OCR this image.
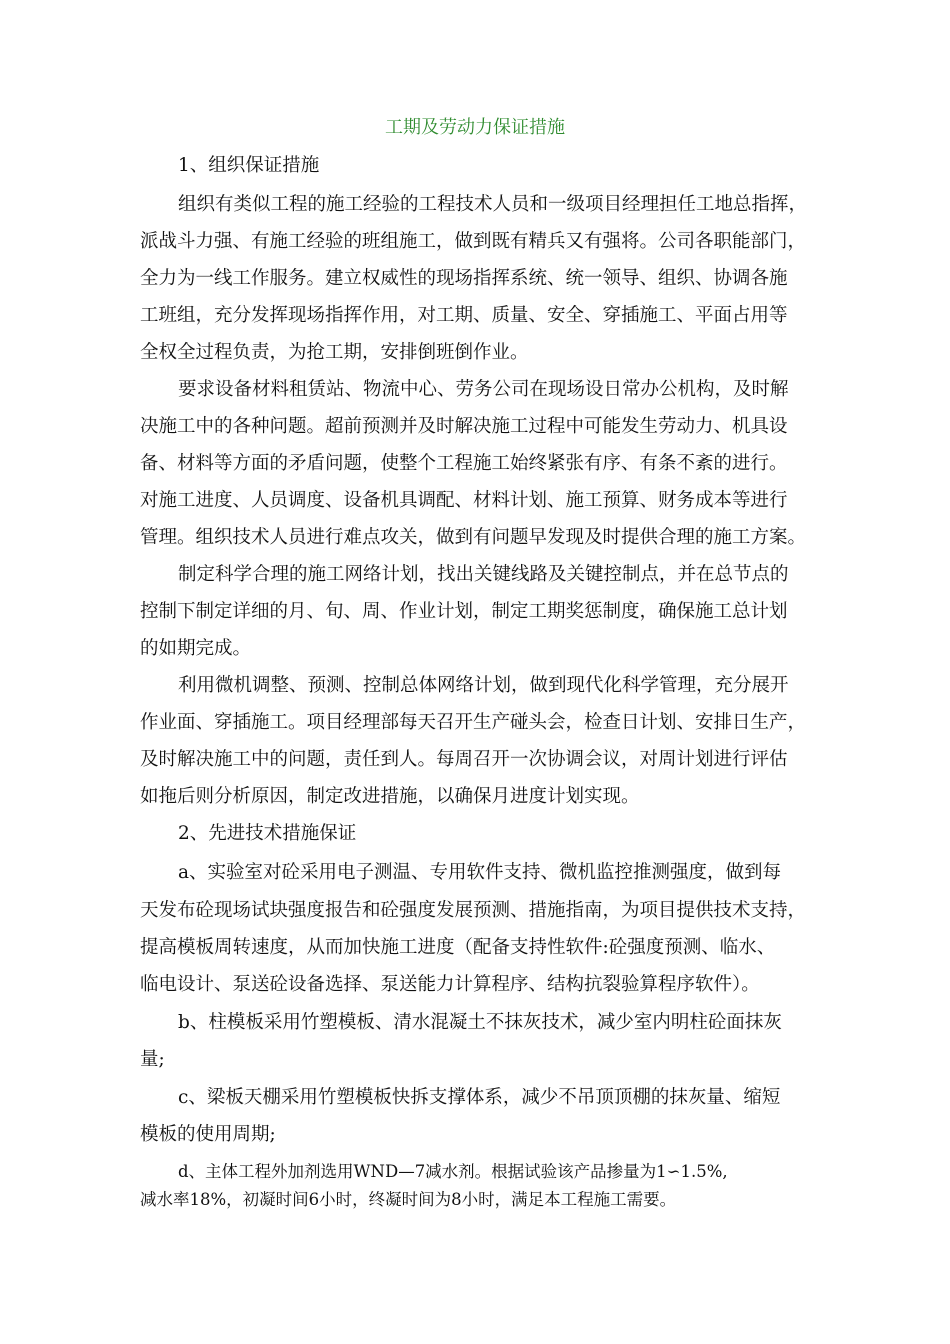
工期及劳动力保证措施
1、组织保证措施
组织有类似工程的施工经验的工程技术人员和一级项目经理担任工地总指挥，
派战斗力强、有施工经验的班组施工，做到既有精兵又有强将。公司各职能部门，
全力为一线工作服务。建立权威性的现场指挥系统、统一领导、组织、协调各施
工班组，充分发挥现场指挥作用，对工期、质量、安全、穿插施工、平面占用等
全权全过程负责，为抢工期，安排倒班倒作业。
要求设备材料租赁站、物流中心、劳务公司在现场设日常办公机构，及时解
决施工中的各种问题。超前预测并及时解决施工过程中可能发生劳动力、机具设
备、材料等方面的矛盾问题，使整个工程施工始终紧张有序、有条不紊的进行。
对施工进度、人员调度、设备机具调配、材料计划、施工预算、财务成本等进行
管理。组织技术人员进行难点攻关，做到有问题早发现及时提供合理的施工方案。
制定科学合理的施工网络计划，找出关键线路及关键控制点，并在总节点的
控制下制定详细的月、旬、周、作业计划，制定工期奖惩制度，确保施工总计划
的如期完成。
利用微机调整、预测、控制总体网络计划，做到现代化科学管理，充分展开
作业面、穿插施工。项目经理部每天召开生产碰头会，检查日计划、安排日生产，
及时解决施工中的问题，责任到人。每周召开一次协调会议，对周计划进行评估
如拖后则分析原因，制定改进措施，以确保月进度计划实现。
2、先进技术措施保证
a、实验室对砼采用电子测温、专用软件支持、微机监控推测强度，做到每
天发布砼现场试块强度报告和砼强度发展预测、措施指南，为项目提供技术支持，
提高模板周转速度，从而加快施工进度（配备支持性软件:砼强度预测、临水、
临电设计、泵送砼设备选择、泵送能力计算程序、结构抗裂验算程序软件）。
b、柱模板采用竹塑模板、清水混凝土不抹灰技术，减少室内明柱砼面抹灰
量;
c、梁板天棚采用竹塑模板快拆支撑体系，减少不吊顶顶棚的抹灰量、缩短
模板的使用周期;
d、主体工程外加剂选用WND—7减水剂。根据试验该产品掺量为1∽1.5%,
减水率18%，初凝时间6小时，终凝时间为8小时，满足本工程施工需要。
